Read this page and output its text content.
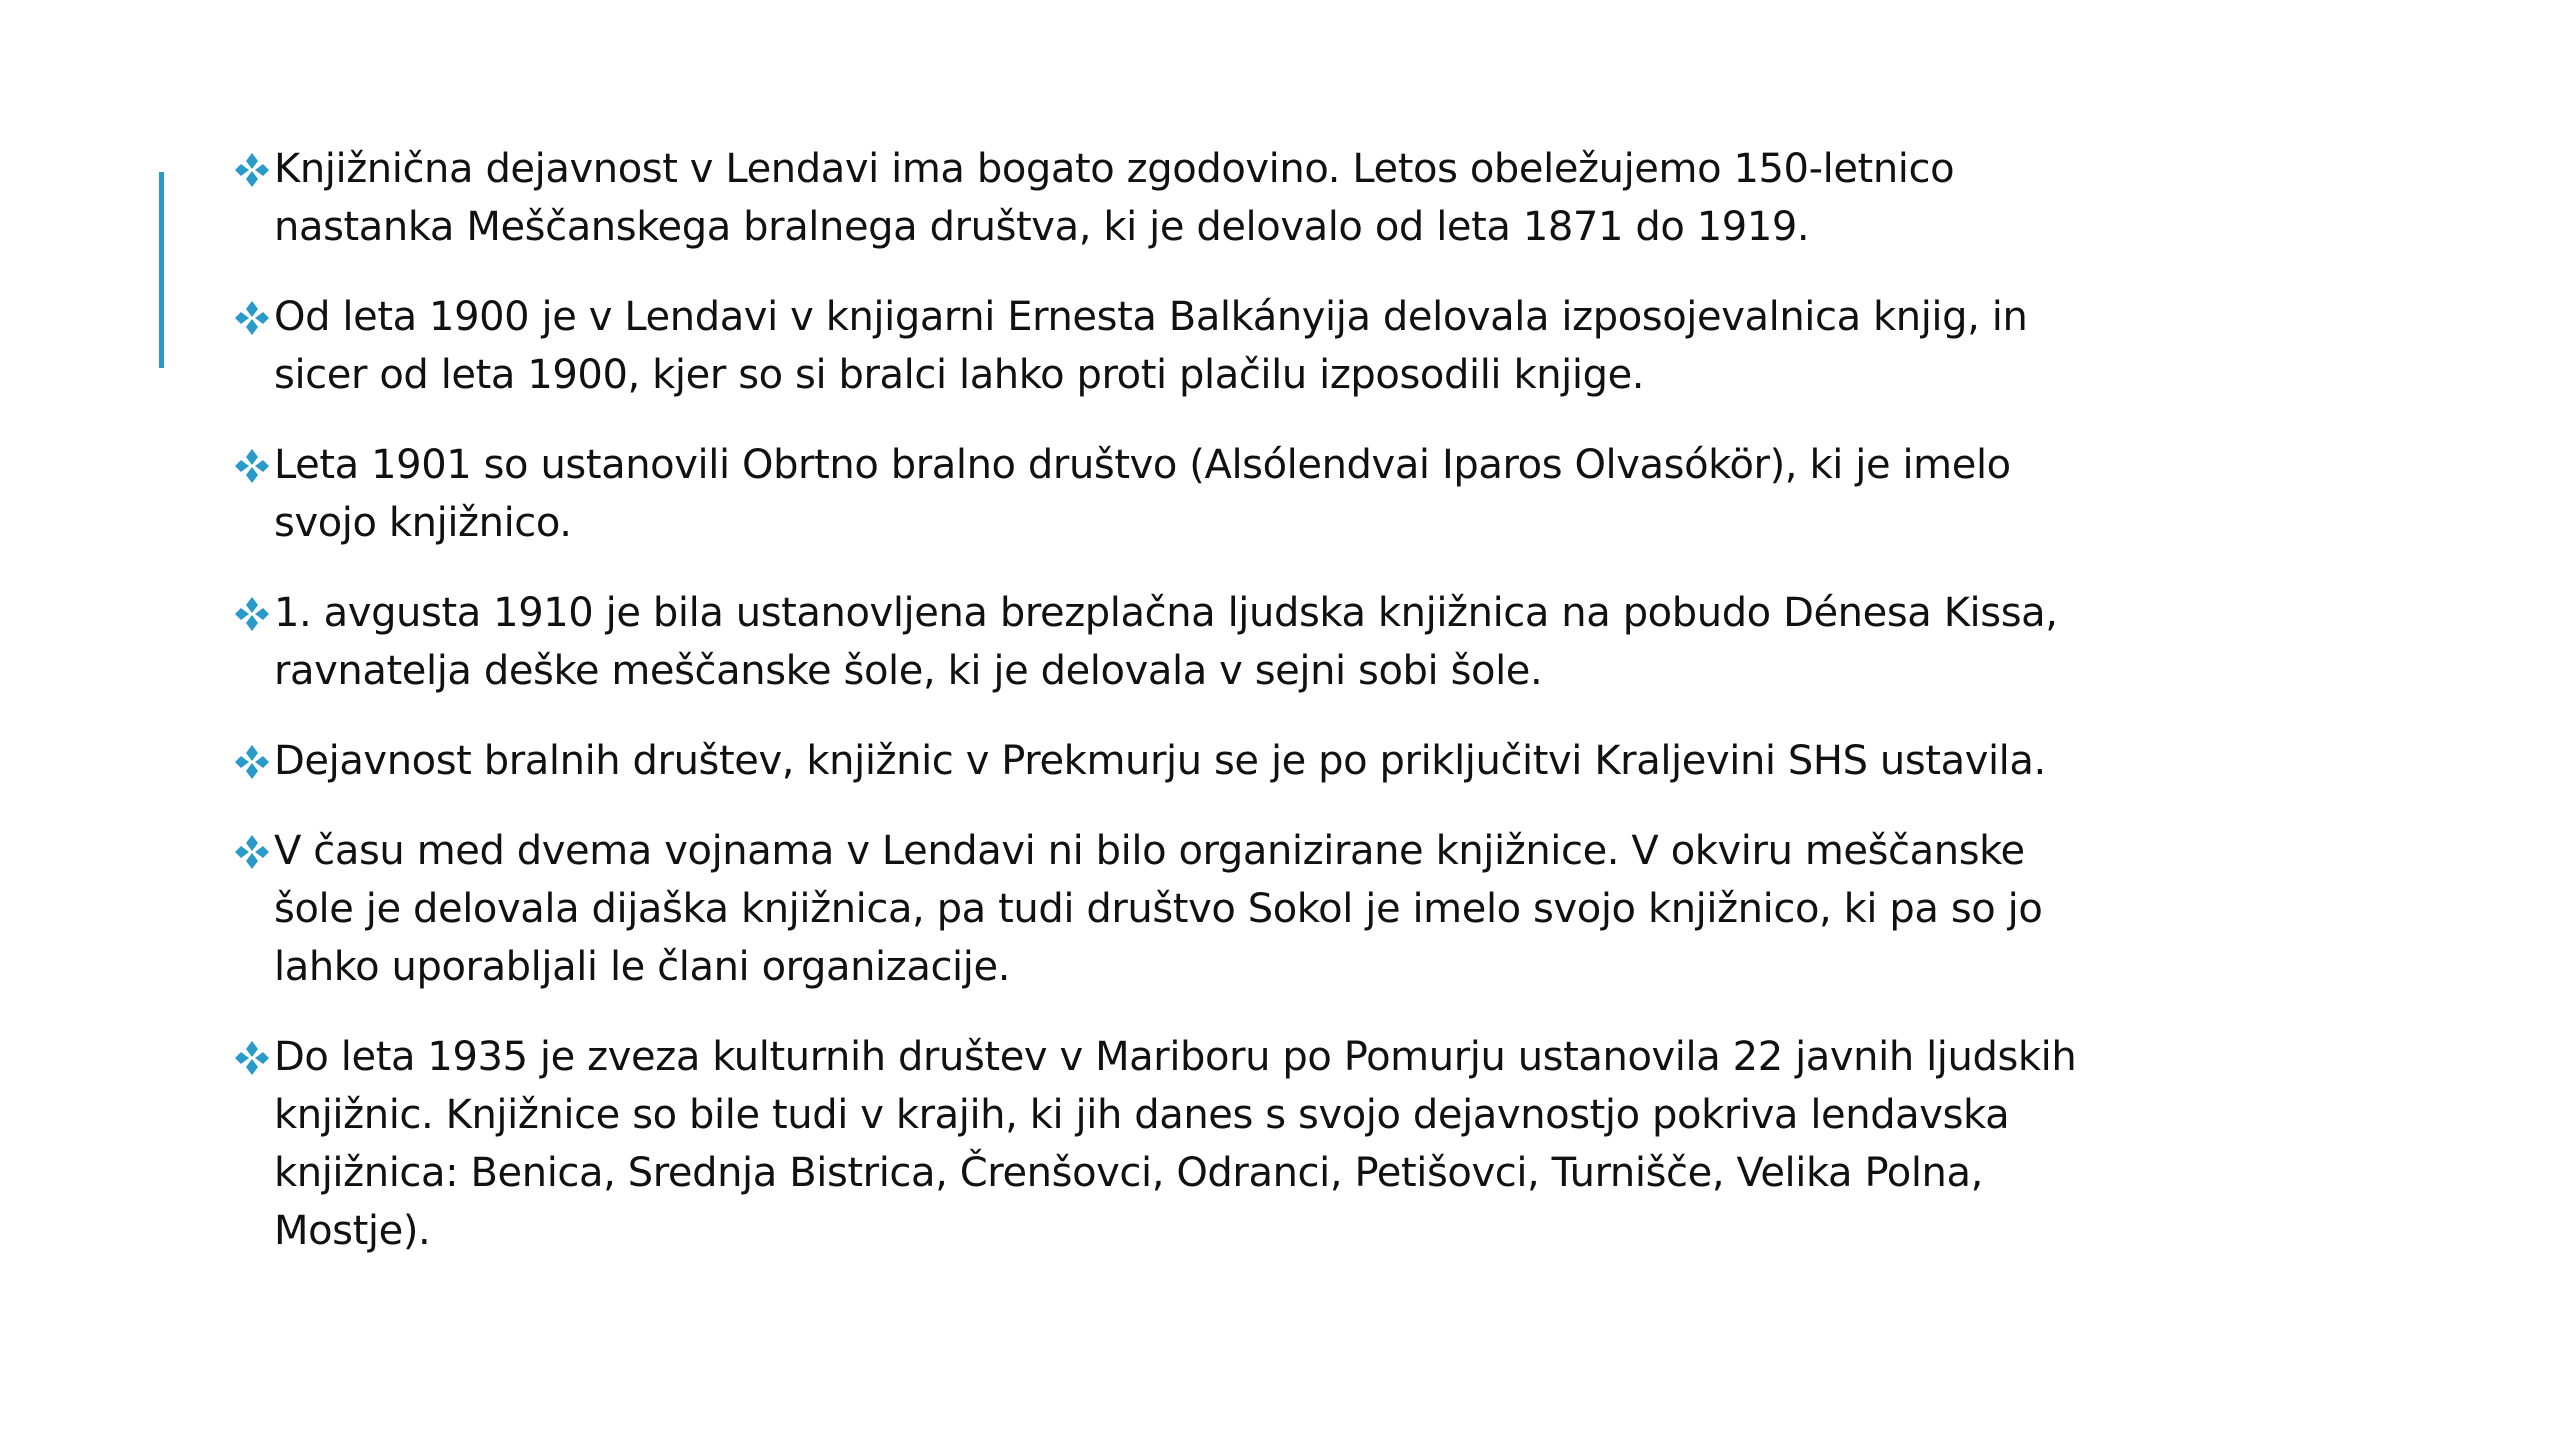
Knjižnična dejavnost v Lendavi ima bogato zgodovino. Letos obeležujemo 150-letnico
nastanka Meščanskega bralnega društva, ki je delovalo od leta 1871 do 1919.
Od leta 1900 je v Lendavi v knjigarni Ernesta Balkányija delovala izposojevalnica knjig, in
sicer od leta 1900, kjer so si bralci lahko proti plačilu izposodili knjige.
Leta 1901 so ustanovili Obrtno bralno društvo (Alsólendvai Iparos Olvasókör), ki je imelo
svojo knjižnico.
1. avgusta 1910 je bila ustanovljena brezplačna ljudska knjižnica na pobudo Dénesa Kissa,
ravnatelja deške meščanske šole, ki je delovala v sejni sobi šole.
Dejavnost bralnih društev, knjižnic v Prekmurju se je po priključitvi Kraljevini SHS ustavila.
V času med dvema vojnama v Lendavi ni bilo organizirane knjižnice. V okviru meščanske
šole je delovala dijaška knjižnica, pa tudi društvo Sokol je imelo svojo knjižnico, ki pa so jo
lahko uporabljali le člani organizacije.
Do leta 1935 je zveza kulturnih društev v Mariboru po Pomurju ustanovila 22 javnih ljudskih
knjižnic. Knjižnice so bile tudi v krajih, ki jih danes s svojo dejavnostjo pokriva lendavska
knjižnica: Benica, Srednja Bistrica, Črenšovci, Odranci, Petišovci, Turnišče, Velika Polna,
Mostje).
